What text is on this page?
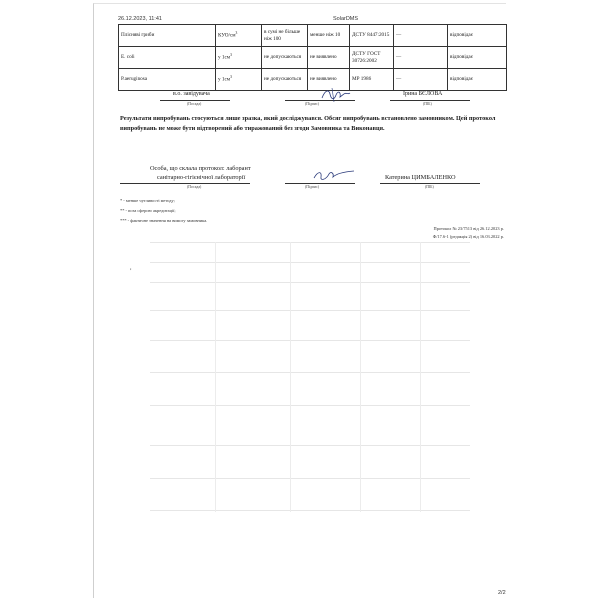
26.12.2023, 11:41	SolarDMS
Плісняві гриби	КУО/$см^3$	в сумі не більше ніж 100	менше ніж 10	ДСТУ 8447:2015	—	відповідає
E. coli	у $1см^3$	не допускаються	не виявлено	ДСТУ ГОСТ 30726:2002	—	відповідає
P.aeruginosa	у $1см^3$	не допускаються	не виявлено	МР 1986	—	відповідає
в.о. завідувача	Ірина БЄЛОВА
(Посада)	(Підпис)	(ПІБ)
Результати випробувань стосуються лише зразка, який досліджувався. Обсяг випробувань встановлено замовником. Цей протокол випробувань не може бути відтворений або тиражований без згоди Замовника та Виконавця.
Особа, що склала протокол: лаборант
санітарно-гігієнічної лабораторії	Катерина ЦИМБАЛЕНКО
(Посада)	(Підпис)	(ПІБ)
* - менше чутливості методу;
** - поза сферою акредитації;
*** - фактичне значення на вимогу замовника.
Протокол № 23/7513 від 26.12.2023 р.
Ф/17.6-1 (редакція 2) від 16.03.2022 р.
,
2/2
